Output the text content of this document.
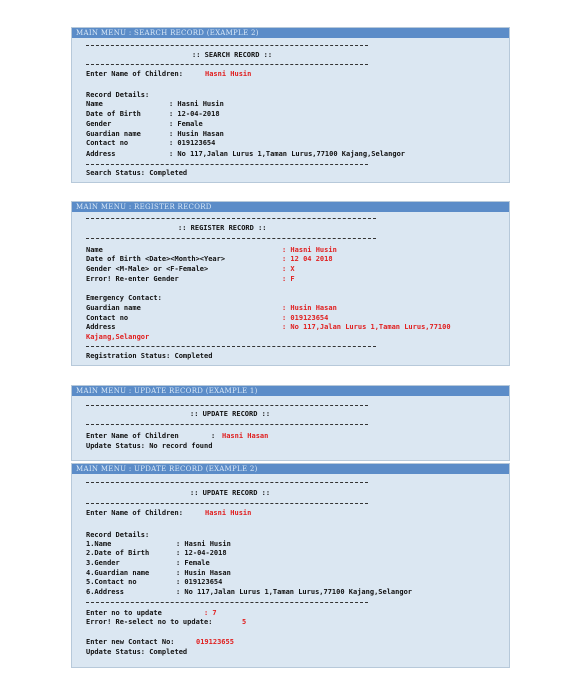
MAIN MENU : SEARCH RECORD (EXAMPLE 2)
:: SEARCH RECORD ::
Enter Name of Children:	Hasni Husin
Record Details:
Name	: Hasni Husin
Date of Birth	: 12-04-2018
Gender	: Female
Guardian name	: Husin Hasan
Contact no	: 019123654
Address	: No 117,Jalan Lurus 1,Taman Lurus,77100 Kajang,Selangor
Search Status: Completed
MAIN MENU : REGISTER RECORD
:: REGISTER RECORD ::
Name	: Hasni Husin
Date of Birth <Date><Month><Year>	: 12 04 2018
Gender <M-Male> or <F-Female>	: X
Error! Re-enter Gender	: F
Emergency Contact:
Guardian name	: Husin Hasan
Contact no	: 019123654
Address	: No 117,Jalan Lurus 1,Taman Lurus,77100
Kajang,Selangor
Registration Status: Completed
MAIN MENU : UPDATE RECORD (EXAMPLE 1)
:: UPDATE RECORD ::
Enter Name of Children	: Hasni Hasan
Update Status: No record found
MAIN MENU : UPDATE RECORD (EXAMPLE 2)
:: UPDATE RECORD ::
Enter Name of Children:	Hasni Husin
Record Details:
1.Name	: Hasni Husin
2.Date of Birth	: 12-04-2018
3.Gender	: Female
4.Guardian name	: Husin Hasan
5.Contact no	: 019123654
6.Address	: No 117,Jalan Lurus 1,Taman Lurus,77100 Kajang,Selangor
Enter no to update	: 7
Error! Re-select no to update:	5
Enter new Contact No:	019123655
Update Status: Completed
